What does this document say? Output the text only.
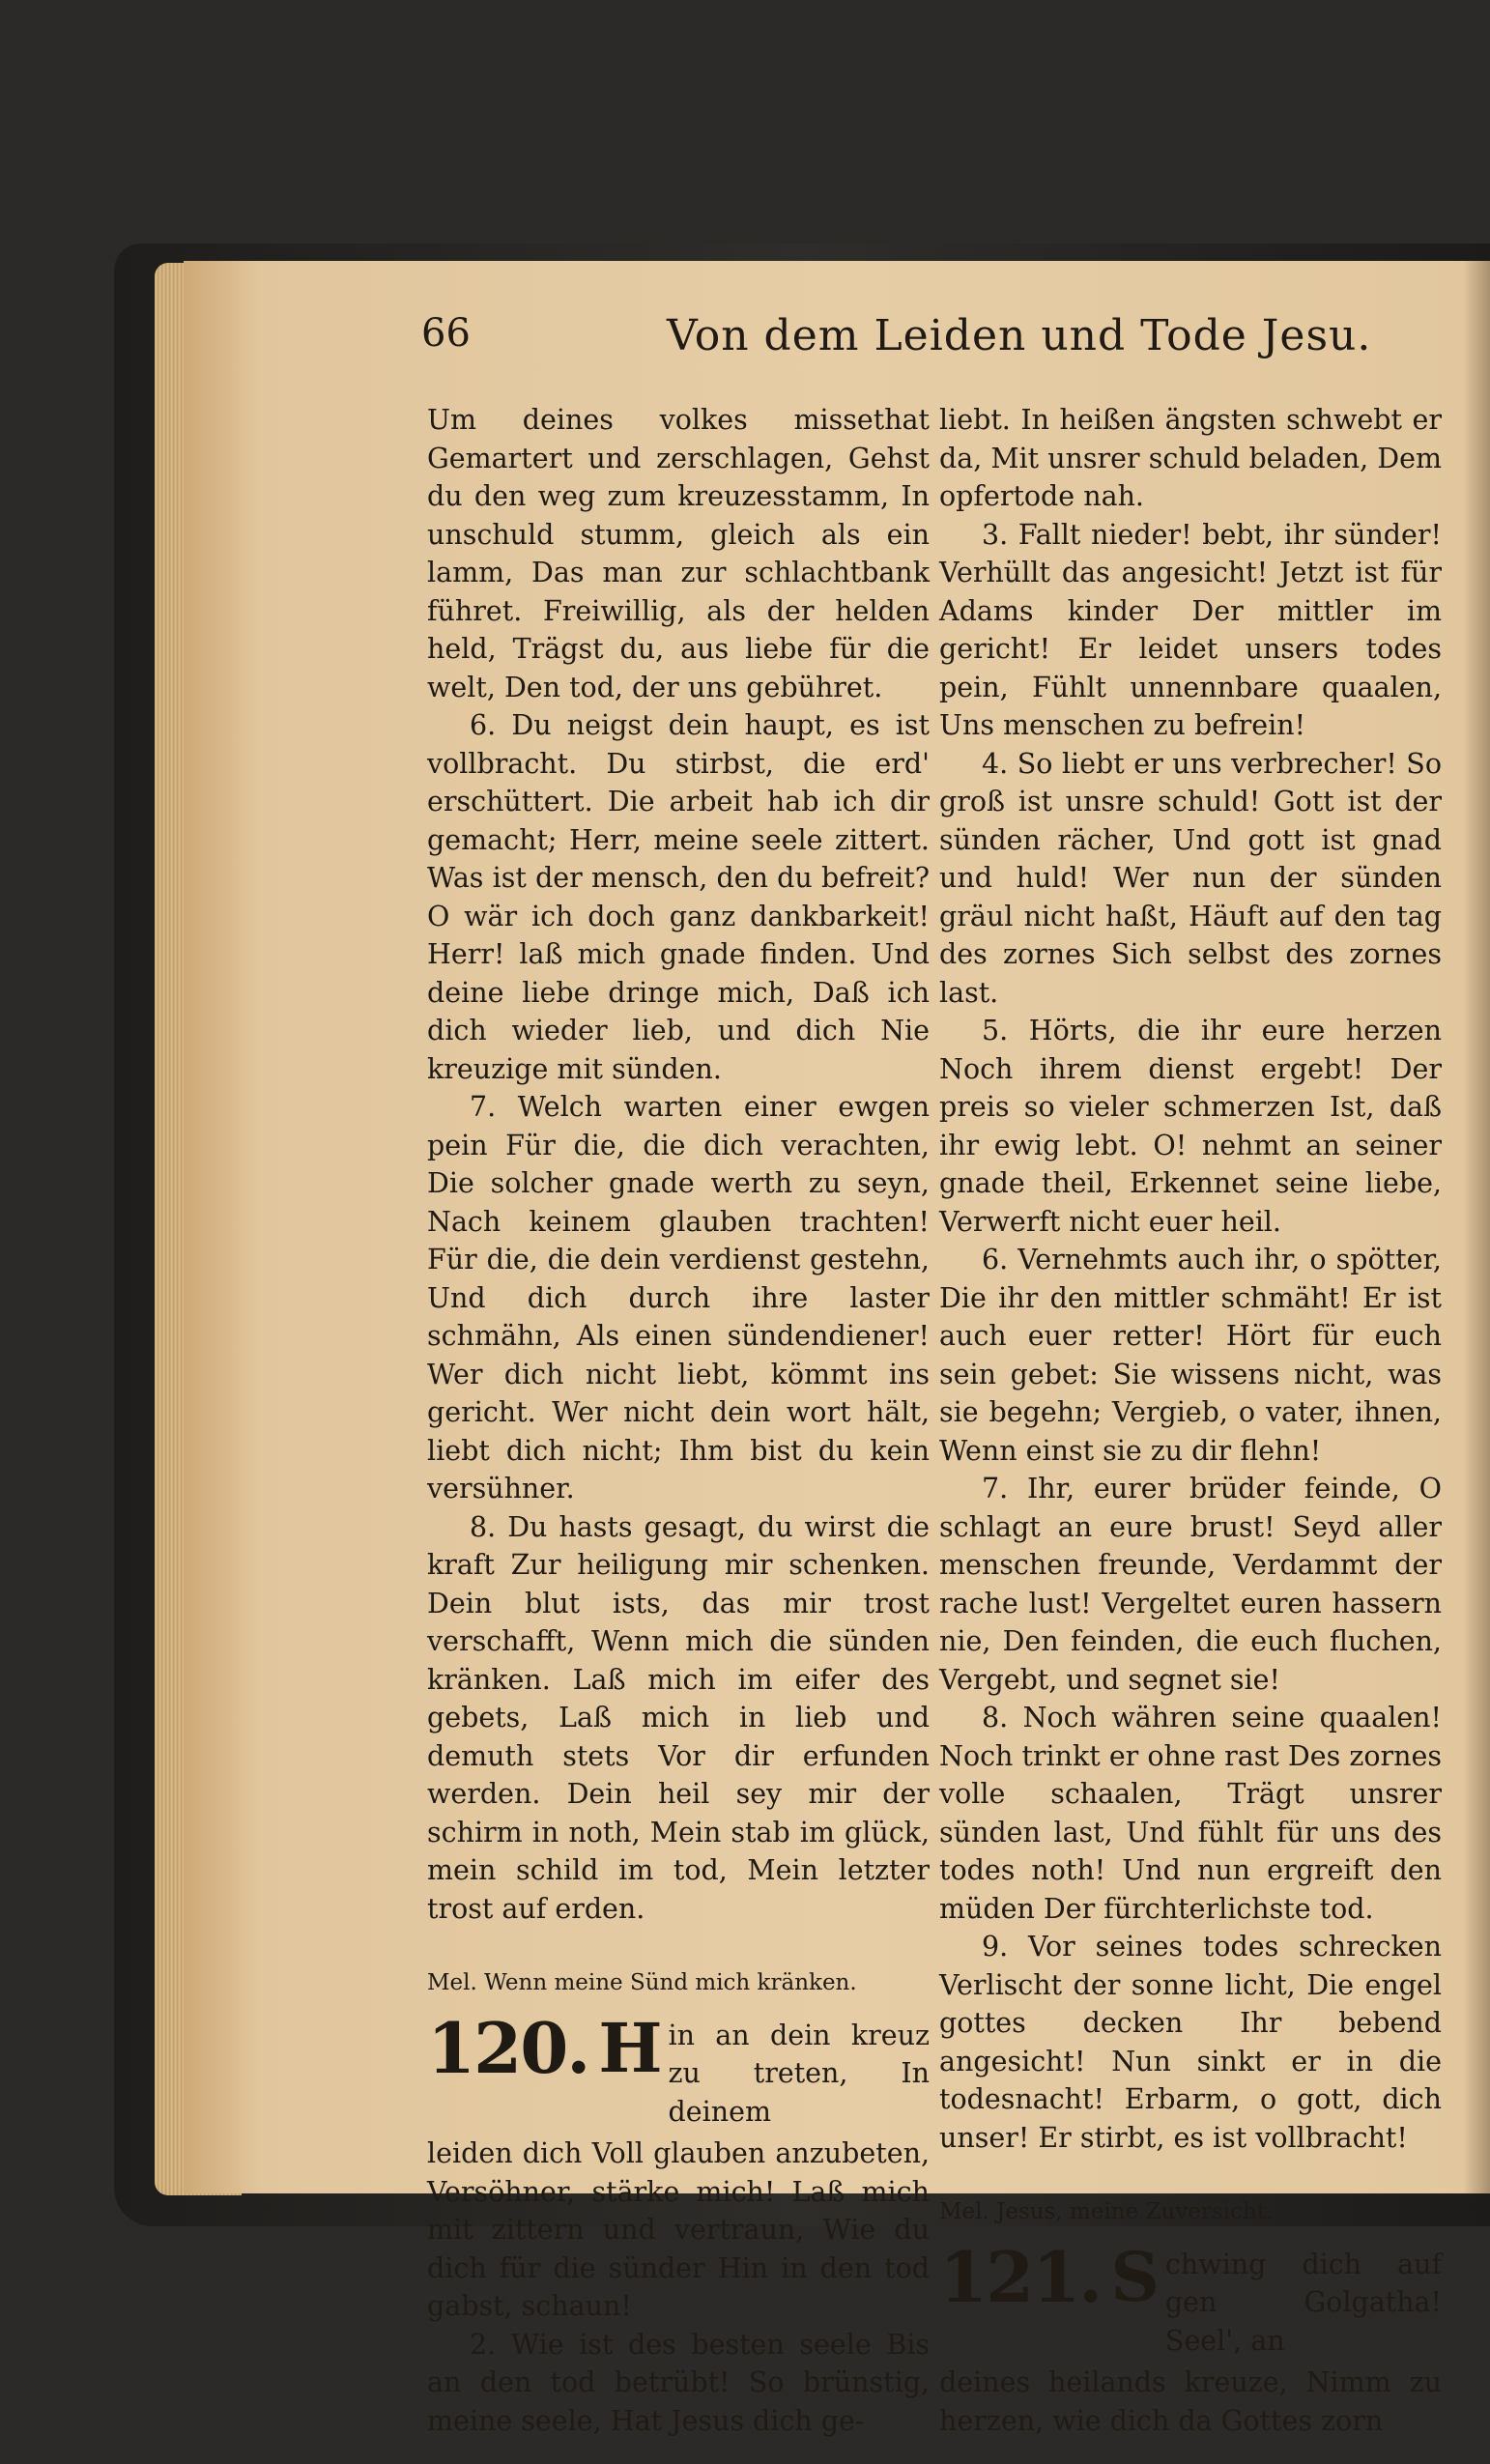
66	Von dem Leiden und Tode Jesu.

Um deines volkes missethat Gemartert und zerschlagen, Gehst du den weg zum kreuzesstamm, In unschuld stumm, gleich als ein lamm, Das man zur schlachtbank führet. Freiwillig, als der helden held, Trägst du, aus liebe für die welt, Den tod, der uns gebühret.

6. Du neigst dein haupt, es ist vollbracht. Du stirbst, die erd' erschüttert. Die arbeit hab ich dir gemacht; Herr, meine seele zittert. Was ist der mensch, den du befreit? O wär ich doch ganz dankbarkeit! Herr! laß mich gnade finden. Und deine liebe dringe mich, Daß ich dich wieder lieb, und dich Nie kreuzige mit sünden.

7. Welch warten einer ewgen pein Für die, die dich verachten, Die solcher gnade werth zu seyn, Nach keinem glauben trachten! Für die, die dein verdienst gestehn, Und dich durch ihre laster schmähn, Als einen sündendiener! Wer dich nicht liebt, kömmt ins gericht. Wer nicht dein wort hält, liebt dich nicht; Ihm bist du kein versühner.

8. Du hasts gesagt, du wirst die kraft Zur heiligung mir schenken. Dein blut ists, das mir trost verschafft, Wenn mich die sünden kränken. Laß mich im eifer des gebets, Laß mich in lieb und demuth stets Vor dir erfunden werden. Dein heil sey mir der schirm in noth, Mein stab im glück, mein schild im tod, Mein letzter trost auf erden.

Mel. Wenn meine Sünd mich kränken.

120. H in an dein kreuz zu treten, In deinem

leiden dich Voll glauben anzubeten, Versöhner, stärke mich! Laß mich mit zittern und vertraun, Wie du dich für die sünder Hin in den tod gabst, schaun!

2. Wie ist des besten seele Bis an den tod betrübt! So brünstig, meine seele, Hat Jesus dich ge-

liebt. In heißen ängsten schwebt er da, Mit unsrer schuld beladen, Dem opfertode nah.

3. Fallt nieder! bebt, ihr sünder! Verhüllt das angesicht! Jetzt ist für Adams kinder Der mittler im gericht! Er leidet unsers todes pein, Fühlt unnennbare quaalen, Uns menschen zu befrein!

4. So liebt er uns verbrecher! So groß ist unsre schuld! Gott ist der sünden rächer, Und gott ist gnad und huld! Wer nun der sünden gräul nicht haßt, Häuft auf den tag des zornes Sich selbst des zornes last.

5. Hörts, die ihr eure herzen Noch ihrem dienst ergebt! Der preis so vieler schmerzen Ist, daß ihr ewig lebt. O! nehmt an seiner gnade theil, Erkennet seine liebe, Verwerft nicht euer heil.

6. Vernehmts auch ihr, o spötter, Die ihr den mittler schmäht! Er ist auch euer retter! Hört für euch sein gebet: Sie wissens nicht, was sie begehn; Vergieb, o vater, ihnen, Wenn einst sie zu dir flehn!

7. Ihr, eurer brüder feinde, O schlagt an eure brust! Seyd aller menschen freunde, Verdammt der rache lust! Vergeltet euren hassern nie, Den feinden, die euch fluchen, Vergebt, und segnet sie!

8. Noch währen seine quaalen! Noch trinkt er ohne rast Des zornes volle schaalen, Trägt unsrer sünden last, Und fühlt für uns des todes noth! Und nun ergreift den müden Der fürchterlichste tod.

9. Vor seines todes schrecken Verlischt der sonne licht, Die engel gottes decken Ihr bebend angesicht! Nun sinkt er in die todesnacht! Erbarm, o gott, dich unser! Er stirbt, es ist vollbracht!

Mel. Jesus, meine Zuversicht.

121. S chwing dich auf gen Golgatha! Seel', an

deines heilands kreuze, Nimm zu herzen, wie dich da Gottes zorn
